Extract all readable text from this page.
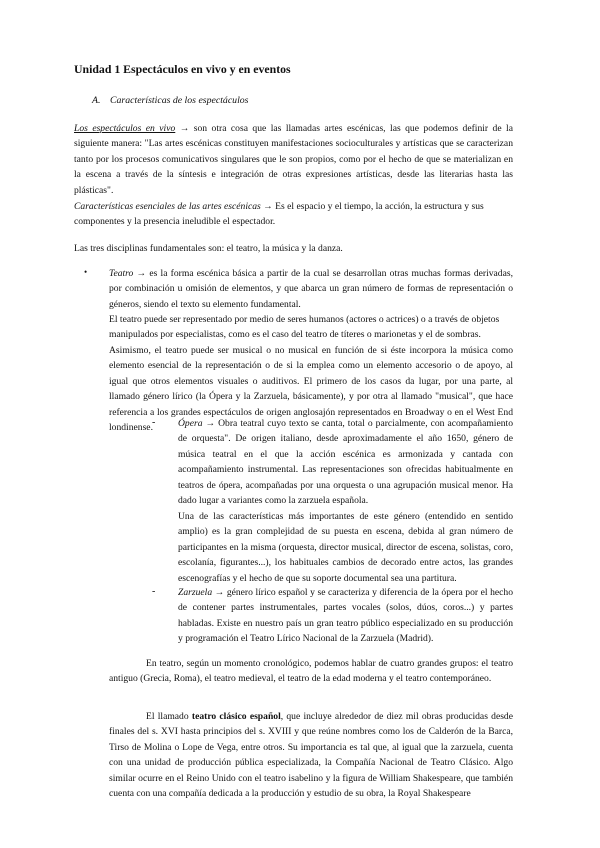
Unidad 1 Espectáculos en vivo y en eventos

A. Características de los espectáculos

Los espectáculos en vivo → son otra cosa que las llamadas artes escénicas, las que podemos definir de la siguiente manera: "Las artes escénicas constituyen manifestaciones socioculturales y artísticas que se caracterizan tanto por los procesos comunicativos singulares que le son propios, como por el hecho de que se materializan en la escena a través de la síntesis e integración de otras expresiones artísticas, desde las literarias hasta las plásticas".

Características esenciales de las artes escénicas → Es el espacio y el tiempo, la acción, la estructura y sus componentes y la presencia ineludible el espectador.

Las tres disciplinas fundamentales son: el teatro, la música y la danza.

• Teatro → es la forma escénica básica a partir de la cual se desarrollan otras muchas formas derivadas, por combinación u omisión de elementos, y que abarca un gran número de formas de representación o géneros, siendo el texto su elemento fundamental.

El teatro puede ser representado por medio de seres humanos (actores o actrices) o a través de objetos manipulados por especialistas, como es el caso del teatro de títeres o marionetas y el de sombras.

Asimismo, el teatro puede ser musical o no musical en función de si éste incorpora la música como elemento esencial de la representación o de si la emplea como un elemento accesorio o de apoyo, al igual que otros elementos visuales o auditivos. El primero de los casos da lugar, por una parte, al llamado género lírico (la Ópera y la Zarzuela, básicamente), y por otra al llamado "musical", que hace referencia a los grandes espectáculos de origen anglosajón representados en Broadway o en el West End londinense. - Ópera → Obra teatral cuyo texto se canta, total o parcialmente, con acompañamiento de orquesta". De origen italiano, desde aproximadamente el año 1650, género de música teatral en el que la acción escénica es armonizada y cantada con acompañamiento instrumental. Las representaciones son ofrecidas habitualmente en teatros de ópera, acompañadas por una orquesta o una agrupación musical menor. Ha dado lugar a variantes como la zarzuela española.

Una de las características más importantes de este género (entendido en sentido amplio) es la gran complejidad de su puesta en escena, debida al gran número de participantes en la misma (orquesta, director musical, director de escena, solistas, coro, escolanía, figurantes...), los habituales cambios de decorado entre actos, las grandes escenografías y el hecho de que su soporte documental sea una partitura.

- Zarzuela → género lírico español y se caracteriza y diferencia de la ópera por el hecho de contener partes instrumentales, partes vocales (solos, dúos, coros...) y partes habladas. Existe en nuestro país un gran teatro público especializado en su producción y programación el Teatro Lírico Nacional de la Zarzuela (Madrid).

En teatro, según un momento cronológico, podemos hablar de cuatro grandes grupos: el teatro antiguo (Grecia, Roma), el teatro medieval, el teatro de la edad moderna y el teatro contemporáneo.

El llamado teatro clásico español, que incluye alrededor de diez mil obras producidas desde finales del s. XVI hasta principios del s. XVIII y que reúne nombres como los de Calderón de la Barca, Tirso de Molina o Lope de Vega, entre otros. Su importancia es tal que, al igual que la zarzuela, cuenta con una unidad de producción pública especializada, la Compañía Nacional de Teatro Clásico. Algo similar ocurre en el Reino Unido con el teatro isabelino y la figura de William Shakespeare, que también cuenta con una compañía dedicada a la producción y estudio de su obra, la Royal Shakespeare
